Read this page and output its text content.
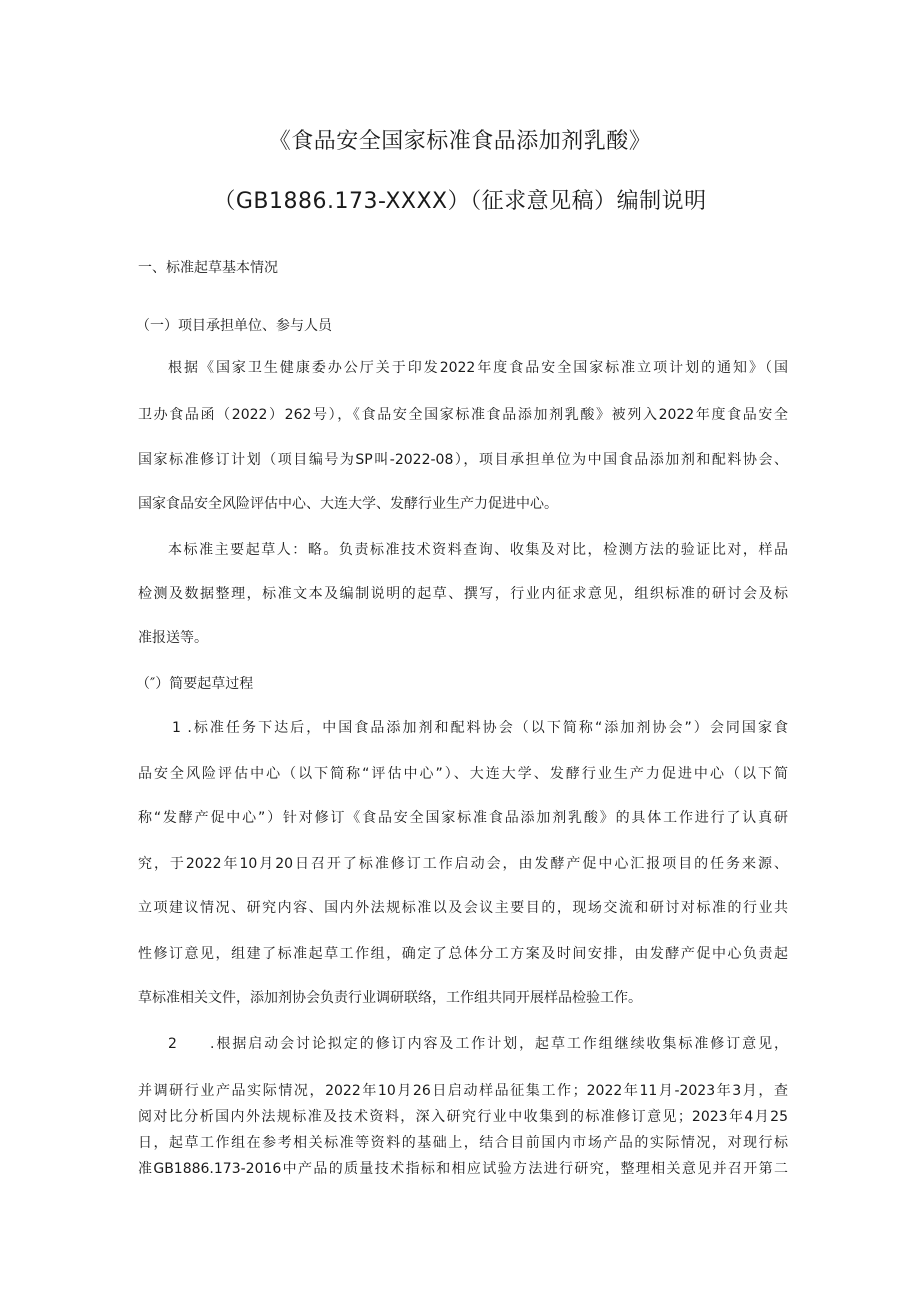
《食品安全国家标准食品添加剂乳酸》
（GB1886.173-XXXX）（征求意见稿）编制说明

一、标准起草基本情况

（一）项目承担单位、参与人员

根据《国家卫生健康委办公厅关于印发2022年度食品安全国家标准立项计划的通知》（国

卫办食品函（2022）262号），《食品安全国家标准食品添加剂乳酸》被列入2022年度食品安全

国家标准修订计划（项目编号为SP叫-2022-08），项目承担单位为中国食品添加剂和配料协会、

国家食品安全风险评估中心、大连大学、发酵行业生产力促进中心。

本标准主要起草人：略。负责标准技术资料查询、收集及对比，检测方法的验证比对，样品

检测及数据整理，标准文本及编制说明的起草、撰写，行业内征求意见，组织标准的研讨会及标

准报送等。

（″）简要起草过程

1 .标准任务下达后，中国食品添加剂和配料协会（以下简称“添加剂协会”）会同国家食

品安全风险评估中心（以下简称“评估中心”）、大连大学、发酵行业生产力促进中心（以下简

称“发酵产促中心”）针对修订《食品安全国家标准食品添加剂乳酸》的具体工作进行了认真研

究，于2022年10月20日召开了标准修订工作启动会，由发酵产促中心汇报项目的任务来源、

立项建议情况、研究内容、国内外法规标准以及会议主要目的，现场交流和研讨对标准的行业共

性修订意见，组建了标准起草工作组，确定了总体分工方案及时间安排，由发酵产促中心负责起

草标准相关文件，添加剂协会负责行业调研联络，工作组共同开展样品检验工作。

2	.根据启动会讨论拟定的修订内容及工作计划，起草工作组继续收集标准修订意见，

并调研行业产品实际情况，2022年10月26日启动样品征集工作；2022年11月-2023年3月，查

阅对比分析国内外法规标准及技术资料，深入研究行业中收集到的标准修订意见；2023年4月25

日，起草工作组在参考相关标准等资料的基础上，结合目前国内市场产品的实际情况，对现行标

准GB1886.173-2016中产品的质量技术指标和相应试验方法进行研究，整理相关意见并召开第二
